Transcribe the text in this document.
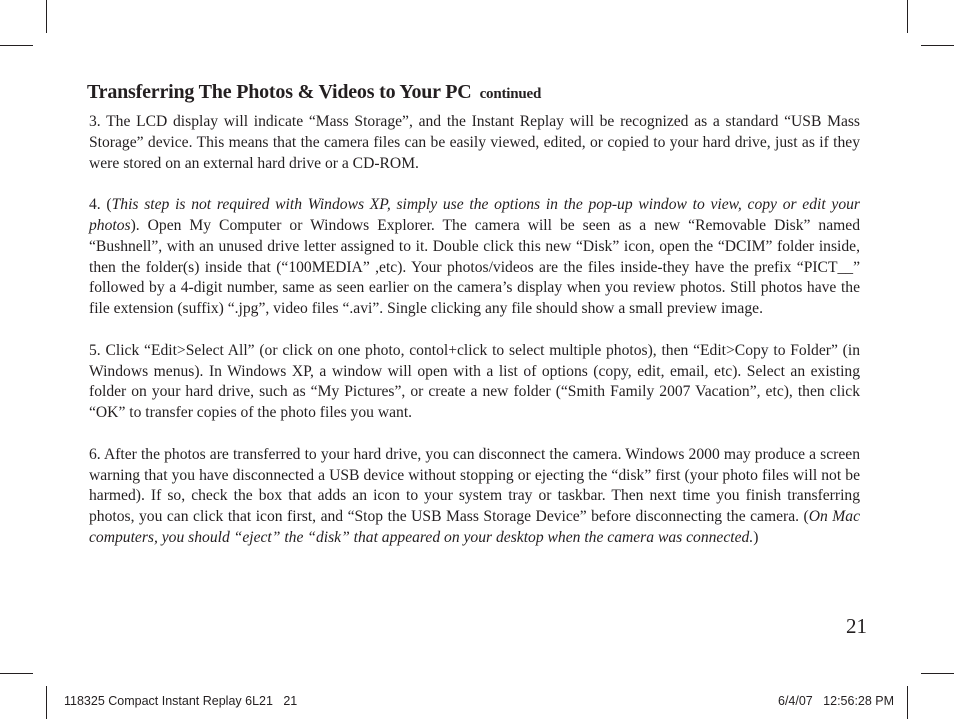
Transferring The Photos & Videos to Your PC continued

3. The LCD display will indicate “Mass Storage”, and the Instant Replay will be recognized as a standard “USB Mass Storage” device. This means that the camera files can be easily viewed, edited, or copied to your hard drive, just as if they were stored on an external hard drive or a CD-ROM.

4. (This step is not required with Windows XP, simply use the options in the pop-up window to view, copy or edit your photos). Open My Computer or Windows Explorer. The camera will be seen as a new “Removable Disk” named “Bushnell”, with an unused drive letter assigned to it. Double click this new “Disk” icon, open the “DCIM” folder inside, then the folder(s) inside that (“100MEDIA” ,etc). Your photos/videos are the files inside-they have the prefix “PICT__” followed by a 4-digit number, same as seen earlier on the camera’s display when you review photos. Still photos have the file extension (suffix) “.jpg”, video files “.avi”. Single clicking any file should show a small preview image.

5. Click “Edit>Select All” (or click on one photo, contol+click to select multiple photos), then “Edit>Copy to Folder” (in Windows menus). In Windows XP, a window will open with a list of options (copy, edit, email, etc). Select an existing folder on your hard drive, such as “My Pictures”, or create a new folder (“Smith Family 2007 Vacation”, etc), then click “OK” to transfer copies of the photo files you want.

6. After the photos are transferred to your hard drive, you can disconnect the camera. Windows 2000 may produce a screen warning that you have disconnected a USB device without stopping or ejecting the “disk” first (your photo files will not be harmed). If so, check the box that adds an icon to your system tray or taskbar. Then next time you finish transferring photos, you can click that icon first, and “Stop the USB Mass Storage Device” before disconnecting the camera. (On Mac computers, you should “eject” the “disk” that appeared on your desktop when the camera was connected.)

21
118325 Compact Instant Replay 6L21   21	6/4/07   12:56:28 PM
